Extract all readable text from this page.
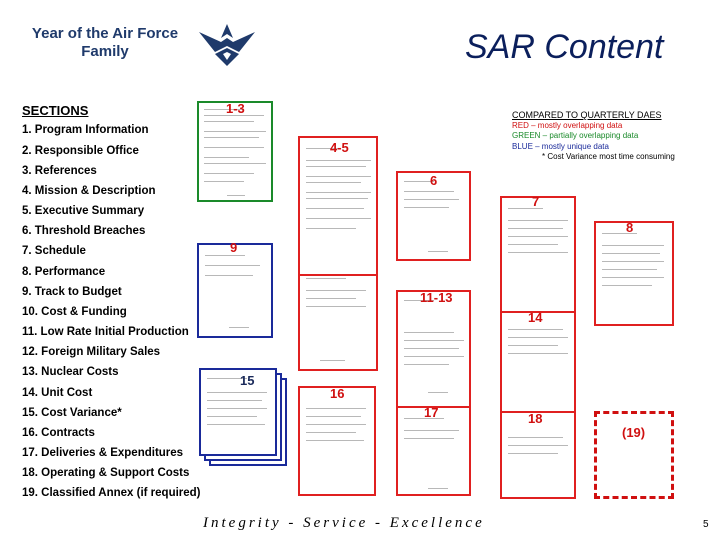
Year of the Air Force
Family	SAR Content
SECTIONS
1. Program Information
2. Responsible Office
3. References
4. Mission & Description
5. Executive Summary
6. Threshold Breaches
7. Schedule
8. Performance
9. Track to Budget
10. Cost & Funding
11. Low Rate Initial Production
12. Foreign Military Sales
13. Nuclear Costs
14. Unit Cost
15. Cost Variance*
16. Contracts
17. Deliveries & Expenditures
18. Operating & Support Costs
19. Classified Annex (if required)
COMPARED TO QUARTERLY DAES
RED – mostly overlapping data
GREEN – partially overlapping data
BLUE – mostly unique data
* Cost Variance most time consuming
9
1-3
4-5
6
11-13
15
16
17
7
14
18
8
(19)
Integrity - Service - Excellence	5
